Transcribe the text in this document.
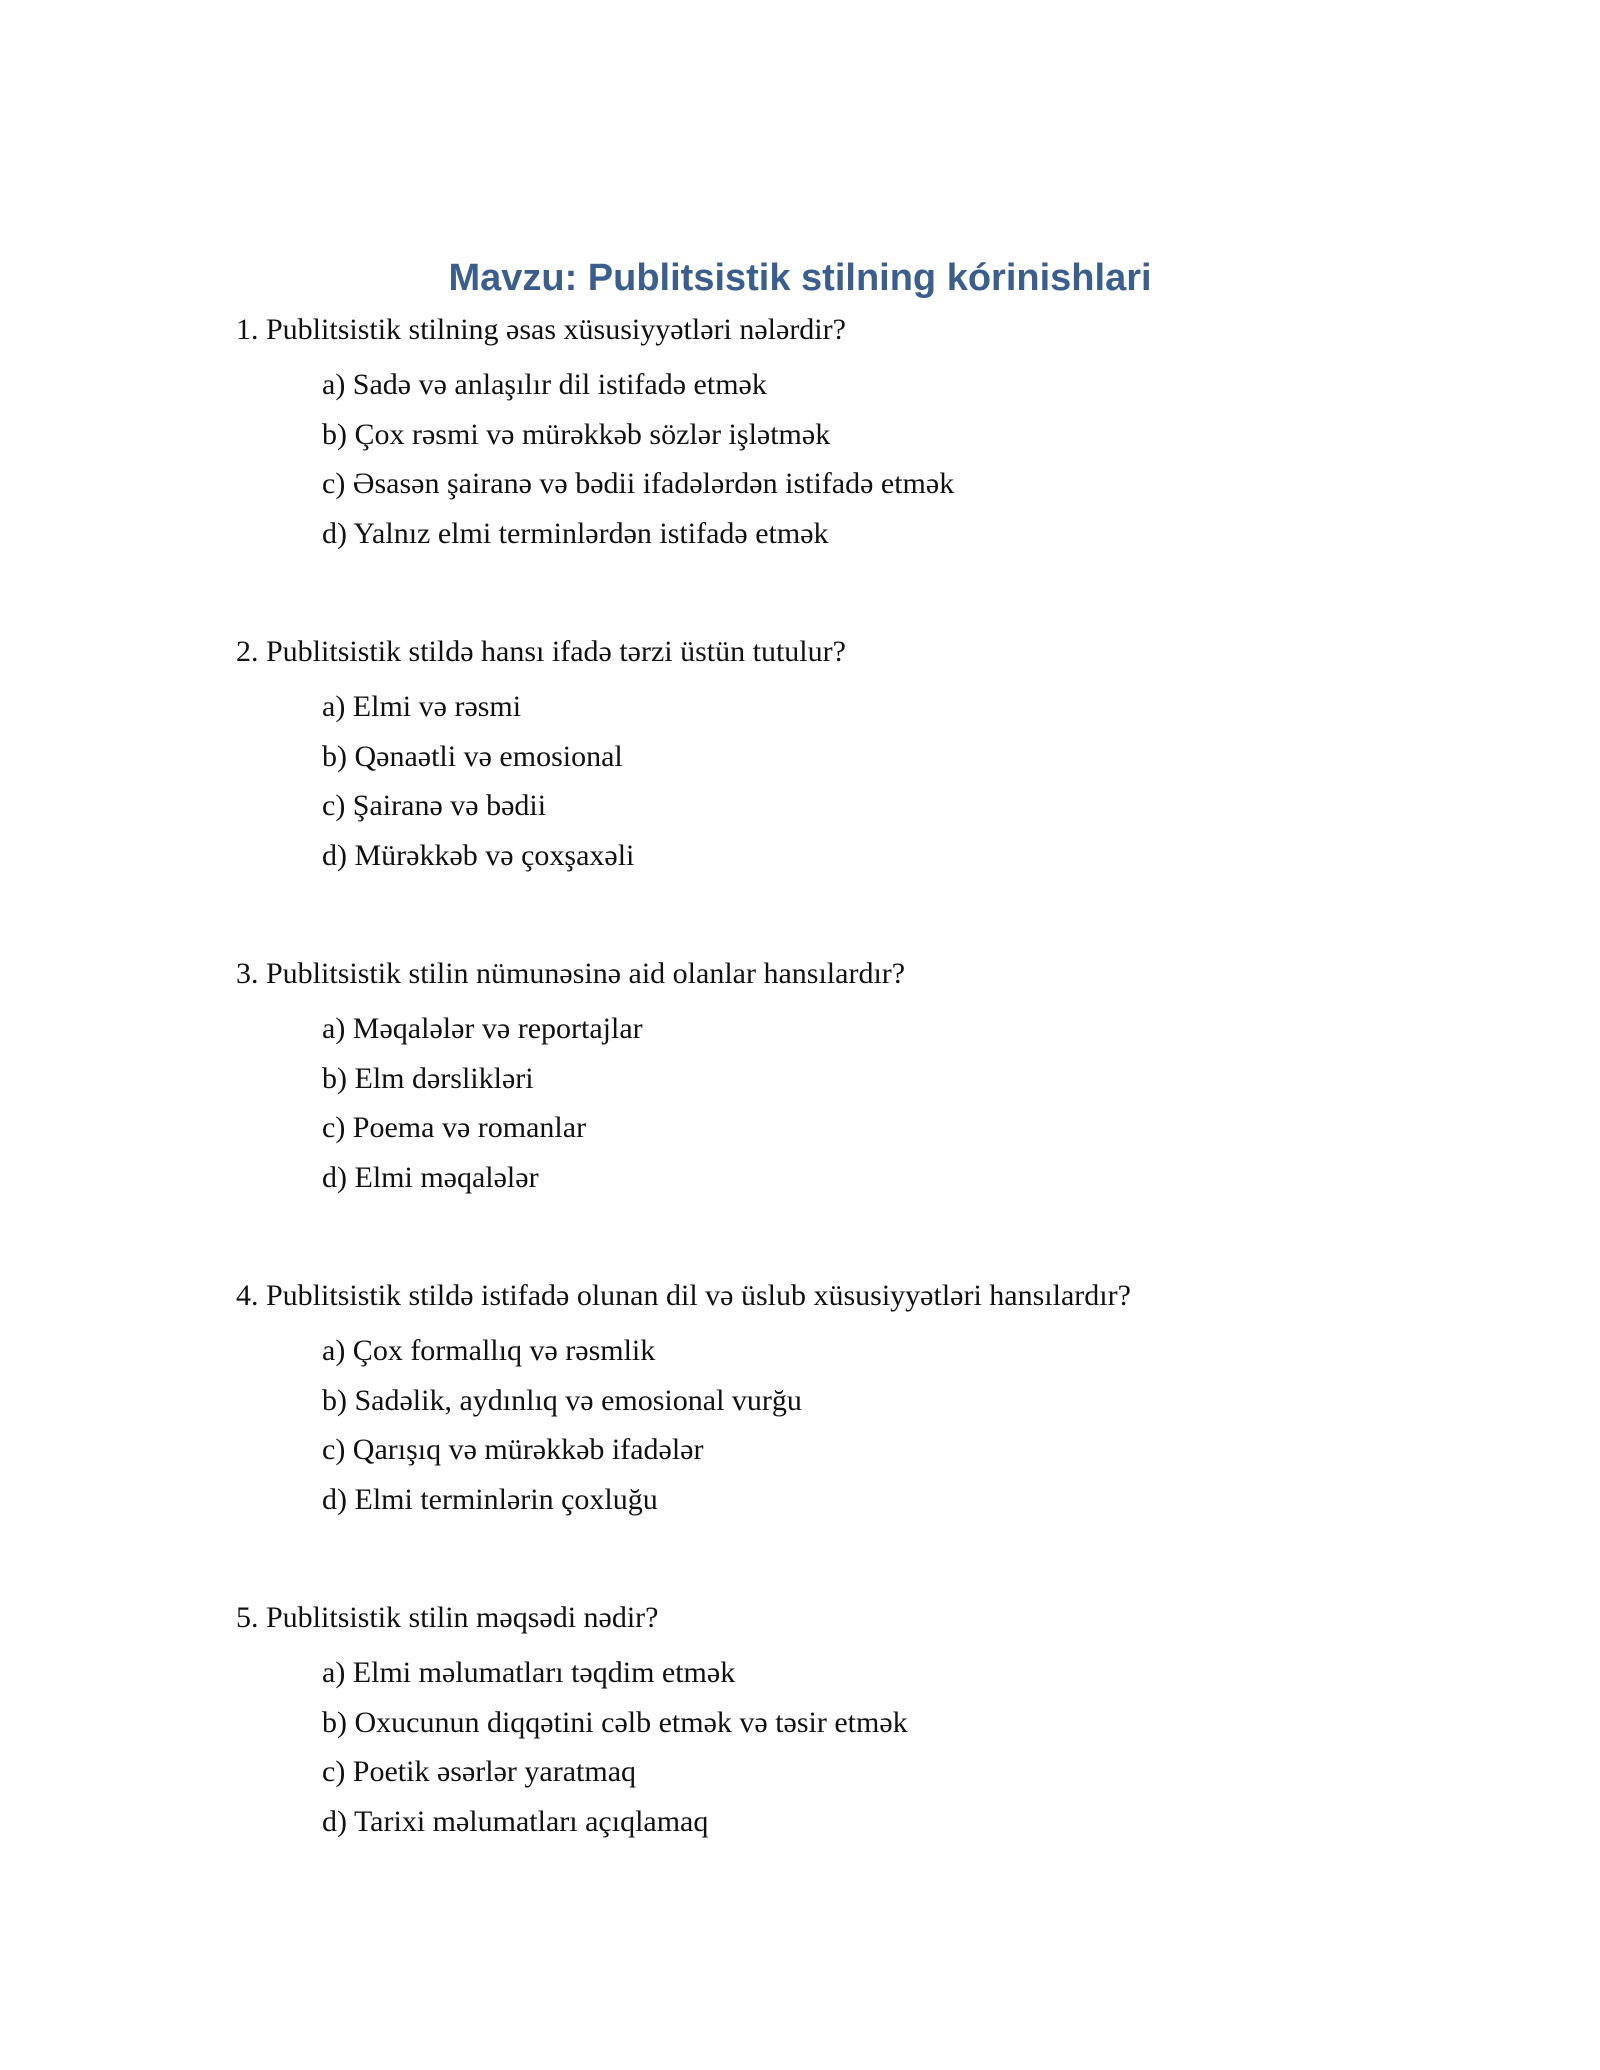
Mavzu: Publitsistik stilning kórinishlari
1. Publitsistik stilning əsas xüsusiyyətləri nələrdir?
a) Sadə və anlaşılır dil istifadə etmək
b) Çox rəsmi və mürəkkəb sözlər işlətmək
c) Əsasən şairanə və bədii ifadələrdən istifadə etmək
d) Yalnız elmi terminlərdən istifadə etmək
2. Publitsistik stildə hansı ifadə tərzi üstün tutulur?
a) Elmi və rəsmi
b) Qənaətli və emosional
c) Şairanə və bədii
d) Mürəkkəb və çoxşaxəli
3. Publitsistik stilin nümunəsinə aid olanlar hansılardır?
a) Məqalələr və reportajlar
b) Elm dərslikləri
c) Poema və romanlar
d) Elmi məqalələr
4. Publitsistik stildə istifadə olunan dil və üslub xüsusiyyətləri hansılardır?
a) Çox formallıq və rəsmlik
b) Sadəlik, aydınlıq və emosional vurğu
c) Qarışıq və mürəkkəb ifadələr
d) Elmi terminlərin çoxluğu
5. Publitsistik stilin məqsədi nədir?
a) Elmi məlumatları təqdim etmək
b) Oxucunun diqqətini cəlb etmək və təsir etmək
c) Poetik əsərlər yaratmaq
d) Tarixi məlumatları açıqlamaq
